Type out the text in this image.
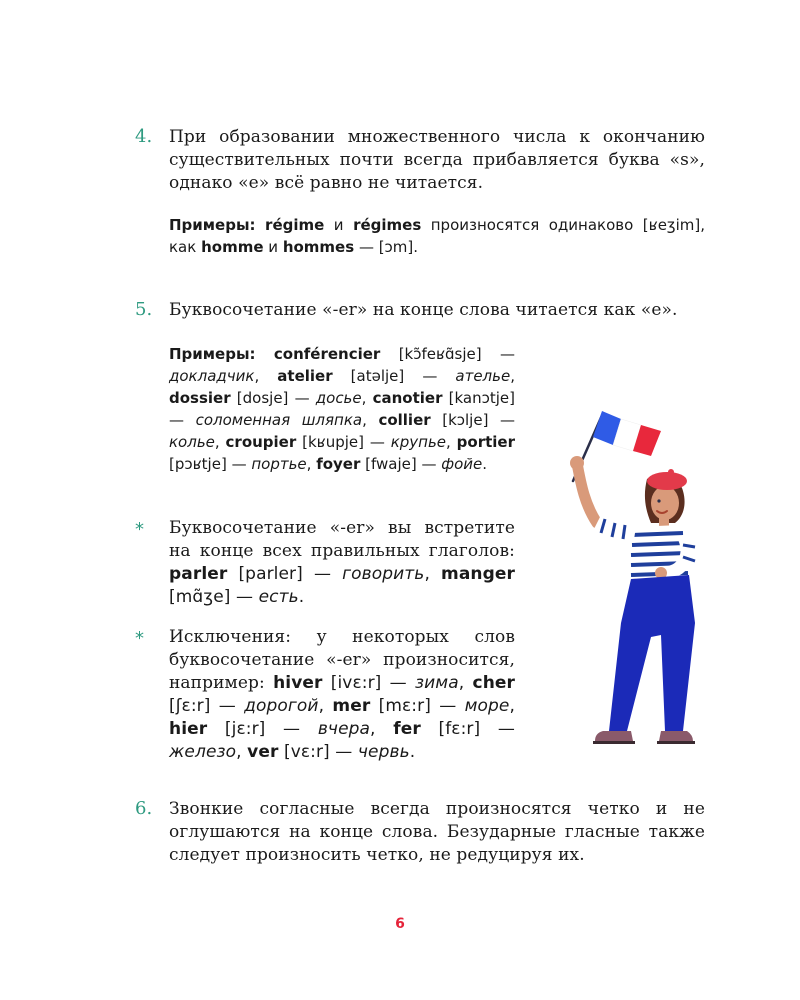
4. При образовании множественного числа к окончанию существительных почти всегда прибавляется буква «s», однако «e» всё равно не читается.
Примеры: régime и régimes произносятся одинаково [ʁeʒim], как homme и hommes — [ɔm].
5. Буквосочетание «-er» на конце слова читается как «e».
Примеры: conférencier [kɔ̃feʁɑ̃sje] — докладчик, atelier [atəlje] — ателье, dossier [dosje] — досье, canotier [kanɔtje] — соломенная шляпка, collier [kɔlje] — колье, croupier [kʁupje] — крупье, portier [pɔʁtje] — портье, foyer [fwaje] — фойе.
* Буквосочетание «-er» вы встретите на конце всех правильных глаголов: parler [parler] — говорить, manger [mɑ̃ʒe] — есть.
* Исключения: у некоторых слов буквосочетание «-er» произносится, например: hiver [ivɛ:r] — зима, cher [ʃɛ:r] — дорогой, mer [mɛ:r] — море, hier [jɛ:r] — вчера, fer [fɛ:r] — железо, ver [vɛ:r] — червь.
6. Звонкие согласные всегда произносятся четко и не оглушаются на конце слова. Безударные гласные также следует произносить четко, не редуцируя их.
6
